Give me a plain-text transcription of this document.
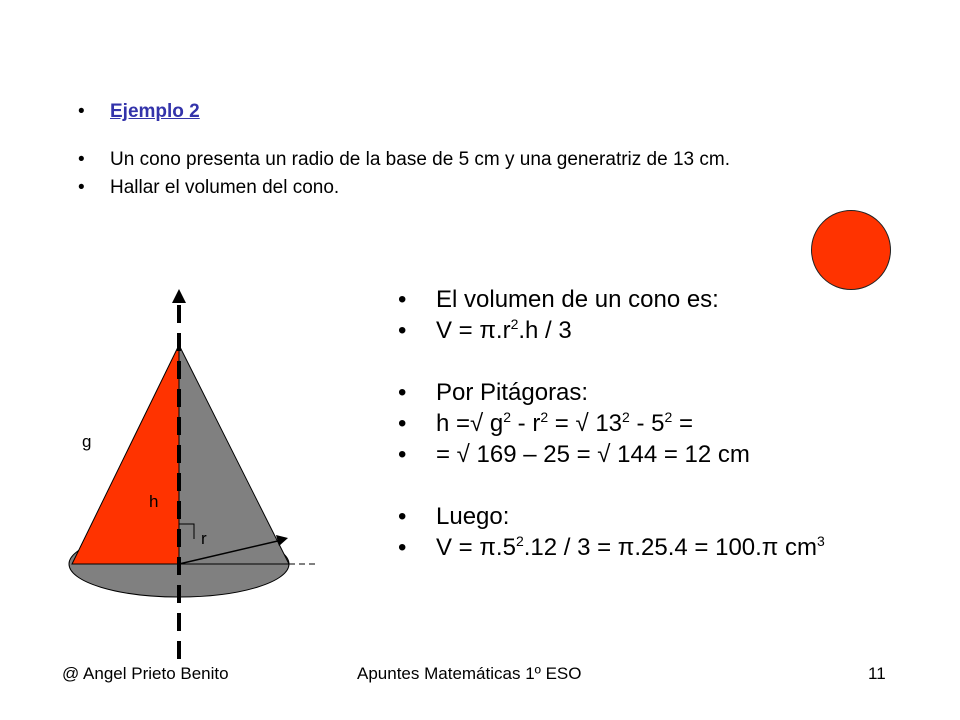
• Ejemplo 2
• Un cono presenta un radio de la base de 5 cm y una generatriz de 13 cm.
• Hallar el volumen del cono.
g
h
r
• El volumen de un cono es:
• $V = \pi.r^2.h / 3$
• Por Pitágoras:
• h =√ $g^2 - r^2$ = √ $13^2 - 5^2$ =
• = √ 169 – 25 = √ 144 = 12 cm
• Luego:
• $V = \pi.5^2.12 / 3 = \pi.25.4 = 100.\pi$ $cm^3$
@ Angel Prieto Benito	Apuntes Matemáticas 1º ESO	11
